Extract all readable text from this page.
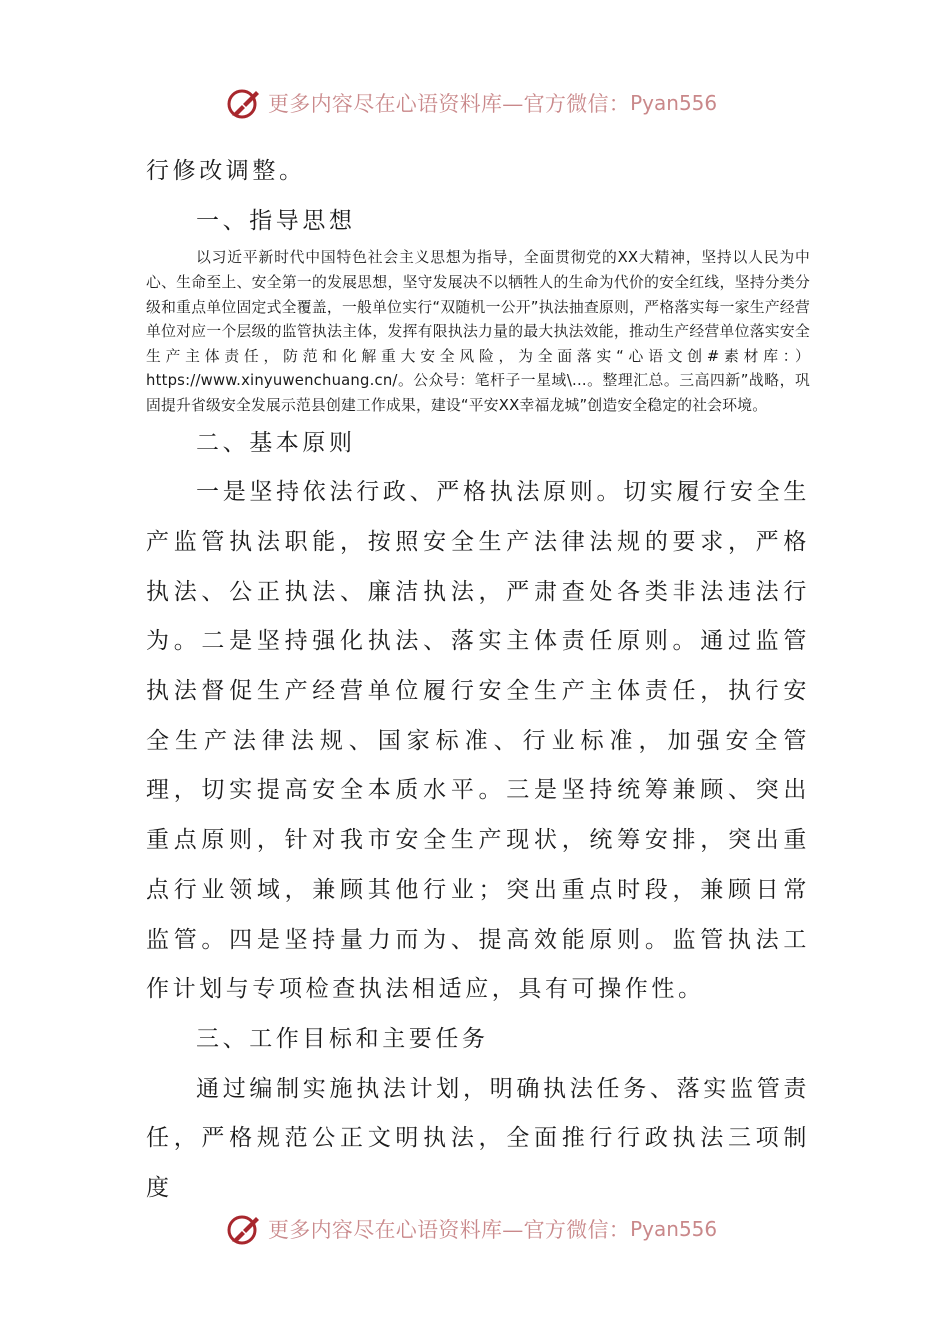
更多内容尽在心语资料库—官方微信： Pyan556

行修改调整。

一、指导思想

以习近平新时代中国特色社会主义思想为指导，全面贯彻党的XX大精神，坚持以人民为中心、生命至上、安全第一的发展思想，坚守发展决不以牺牲人的生命为代价的安全红线，坚持分类分级和重点单位固定式全覆盖，一般单位实行“双随机一公开”执法抽查原则，严格落实每一家生产经营单位对应一个层级的监管执法主体，发挥有限执法力量的最大执法效能，推动生产经营单位落实安全生产主体责任，防范和化解重大安全风险，为全面落实“心语文创#素材库：）https://www.xinyuwenchuang.cn/。公众号：笔杆子一星域\...。整理汇总。三高四新”战略，巩固提升省级安全发展示范县创建工作成果，建设“平安XX幸福龙城”创造安全稳定的社会环境。

二、基本原则

一是坚持依法行政、严格执法原则。切实履行安全生产监管执法职能，按照安全生产法律法规的要求，严格执法、公正执法、廉洁执法，严肃查处各类非法违法行为。二是坚持强化执法、落实主体责任原则。通过监管执法督促生产经营单位履行安全生产主体责任，执行安全生产法律法规、国家标准、行业标准，加强安全管理，切实提高安全本质水平。三是坚持统筹兼顾、突出重点原则，针对我市安全生产现状，统筹安排，突出重点行业领域，兼顾其他行业；突出重点时段，兼顾日常监管。四是坚持量力而为、提高效能原则。监管执法工作计划与专项检查执法相适应，具有可操作性。

三、工作目标和主要任务

通过编制实施执法计划，明确执法任务、落实监管责任，严格规范公正文明执法，全面推行行政执法三项制度

更多内容尽在心语资料库—官方微信： Pyan556
